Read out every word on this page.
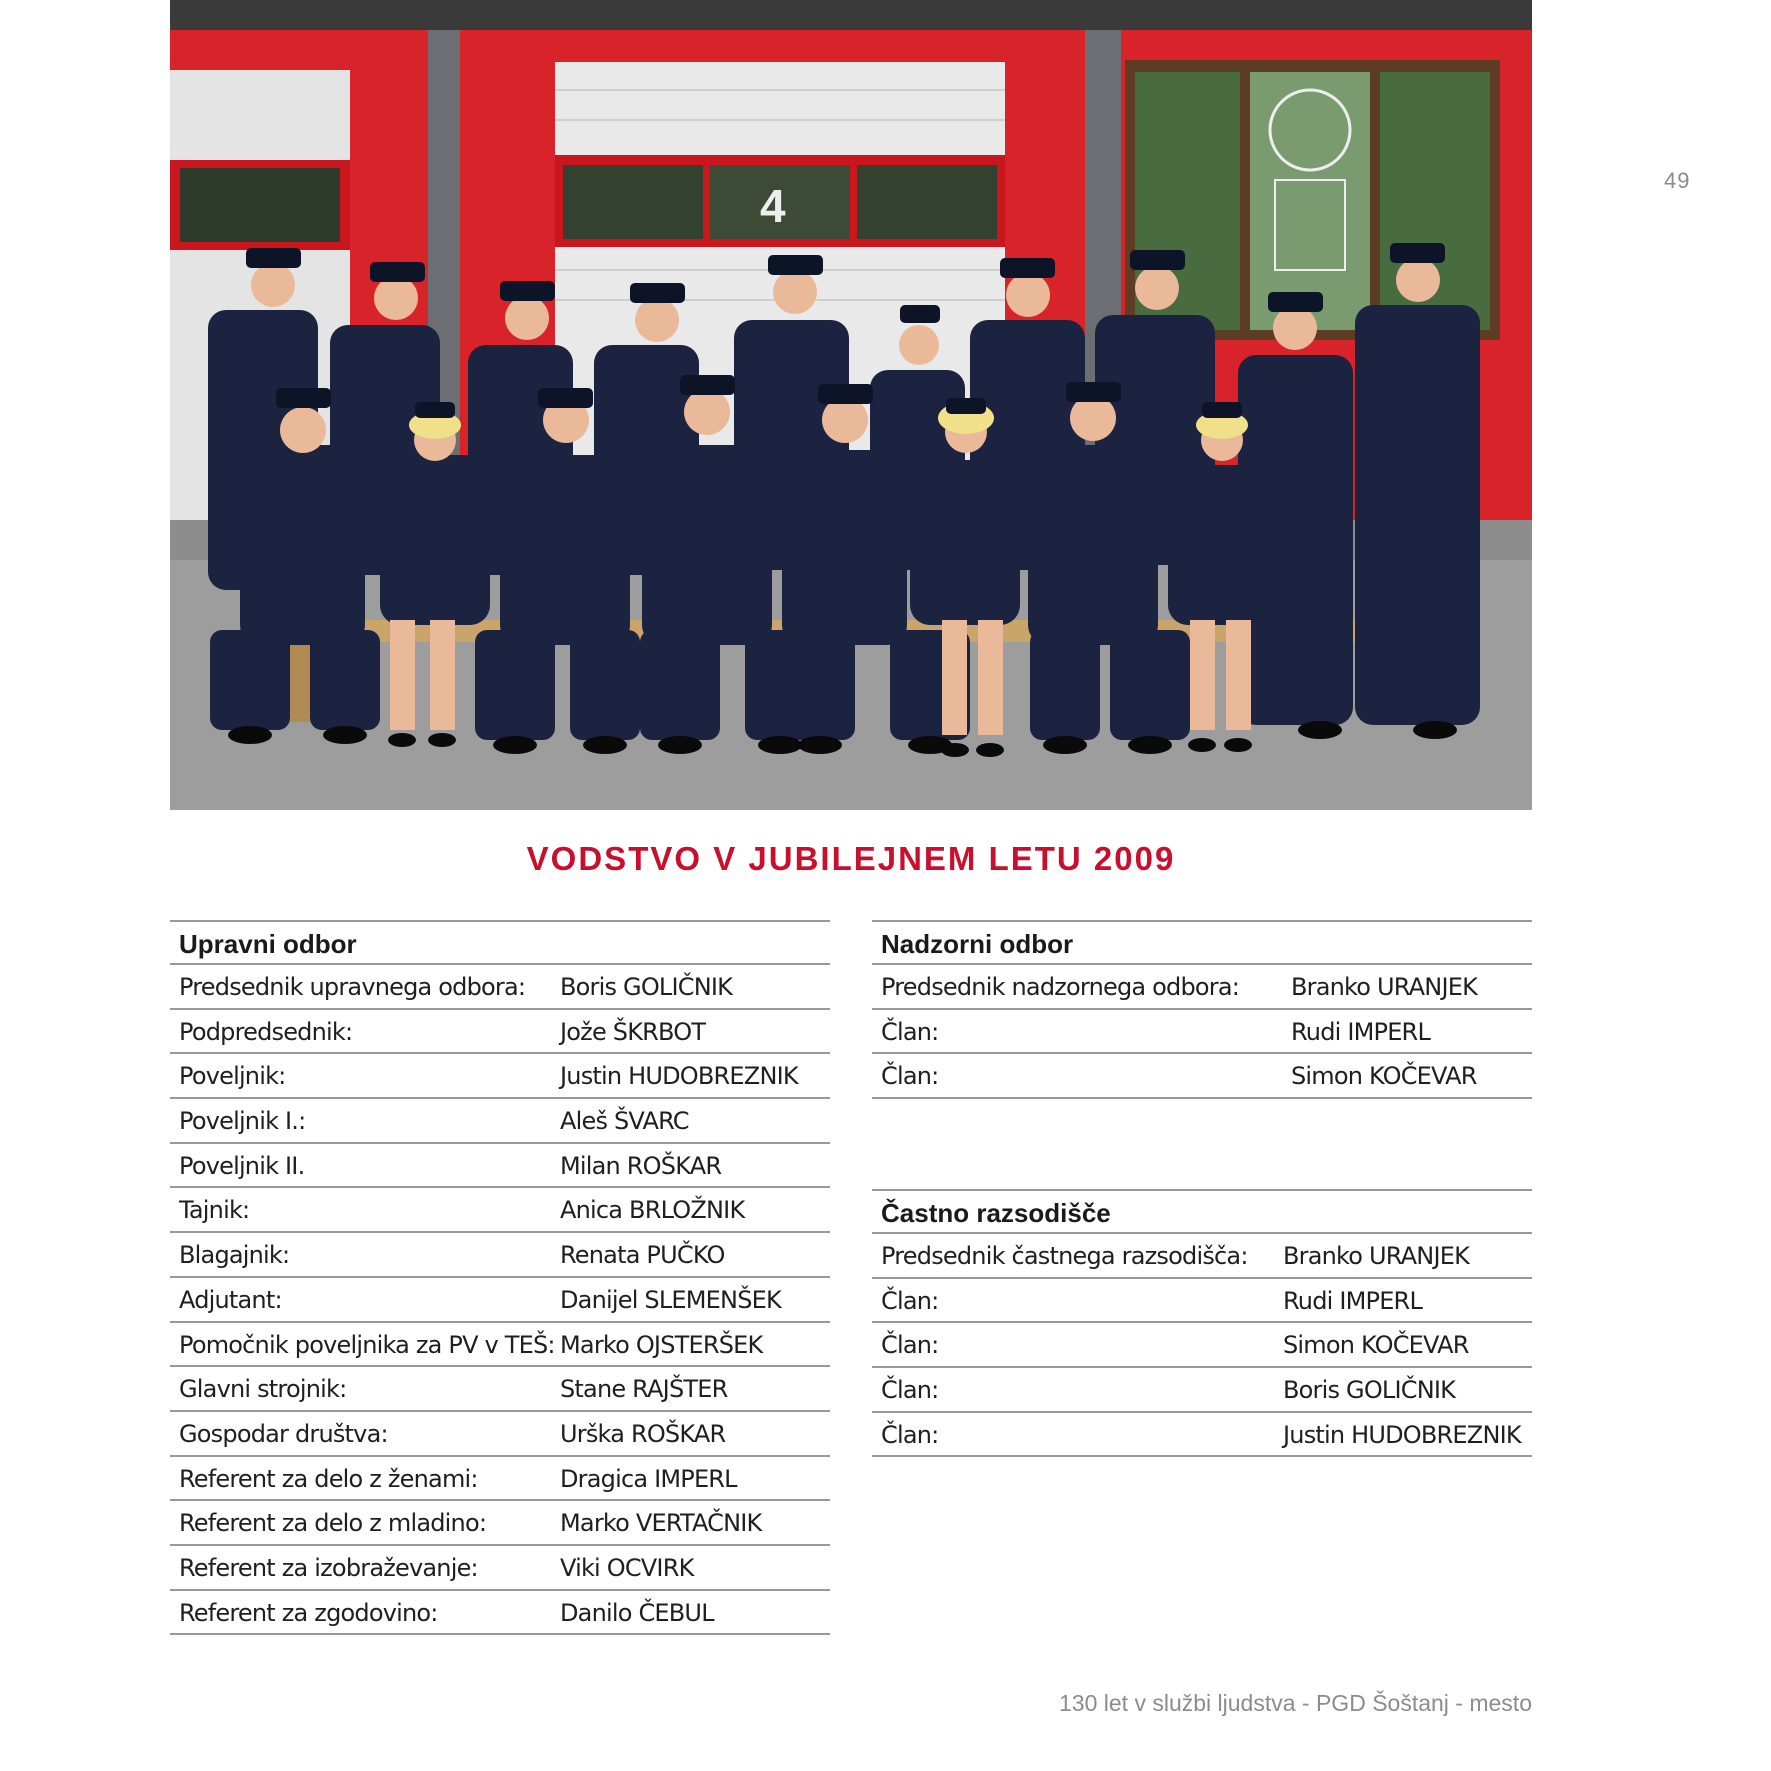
49
4
VODSTVO V JUBILEJNEM LETU 2009
Upravni odbor
Predsednik upravnega odbora:	Boris GOLIČNIK
Podpredsednik:	Jože ŠKRBOT
Poveljnik:	Justin HUDOBREZNIK
Poveljnik I.:	Aleš ŠVARC
Poveljnik II.	Milan ROŠKAR
Tajnik:	Anica BRLOŽNIK
Blagajnik:	Renata PUČKO
Adjutant:	Danijel SLEMENŠEK
Pomočnik poveljnika za PV v TEŠ: Marko OJSTERŠEK
Glavni strojnik:	Stane RAJŠTER
Gospodar društva:	Urška ROŠKAR
Referent za delo z ženami:	Dragica IMPERL
Referent za delo z mladino:	Marko VERTAČNIK
Referent za izobraževanje:	Viki OCVIRK
Referent za zgodovino:	Danilo ČEBUL
Nadzorni odbor
Predsednik nadzornega odbora:	Branko URANJEK
Član:	Rudi IMPERL
Član:	Simon KOČEVAR
Častno razsodišče
Predsednik častnega razsodišča:	Branko URANJEK
Član:	Rudi IMPERL
Član:	Simon KOČEVAR
Član:	Boris GOLIČNIK
Član:	Justin HUDOBREZNIK
130 let v službi ljudstva - PGD Šoštanj - mesto
